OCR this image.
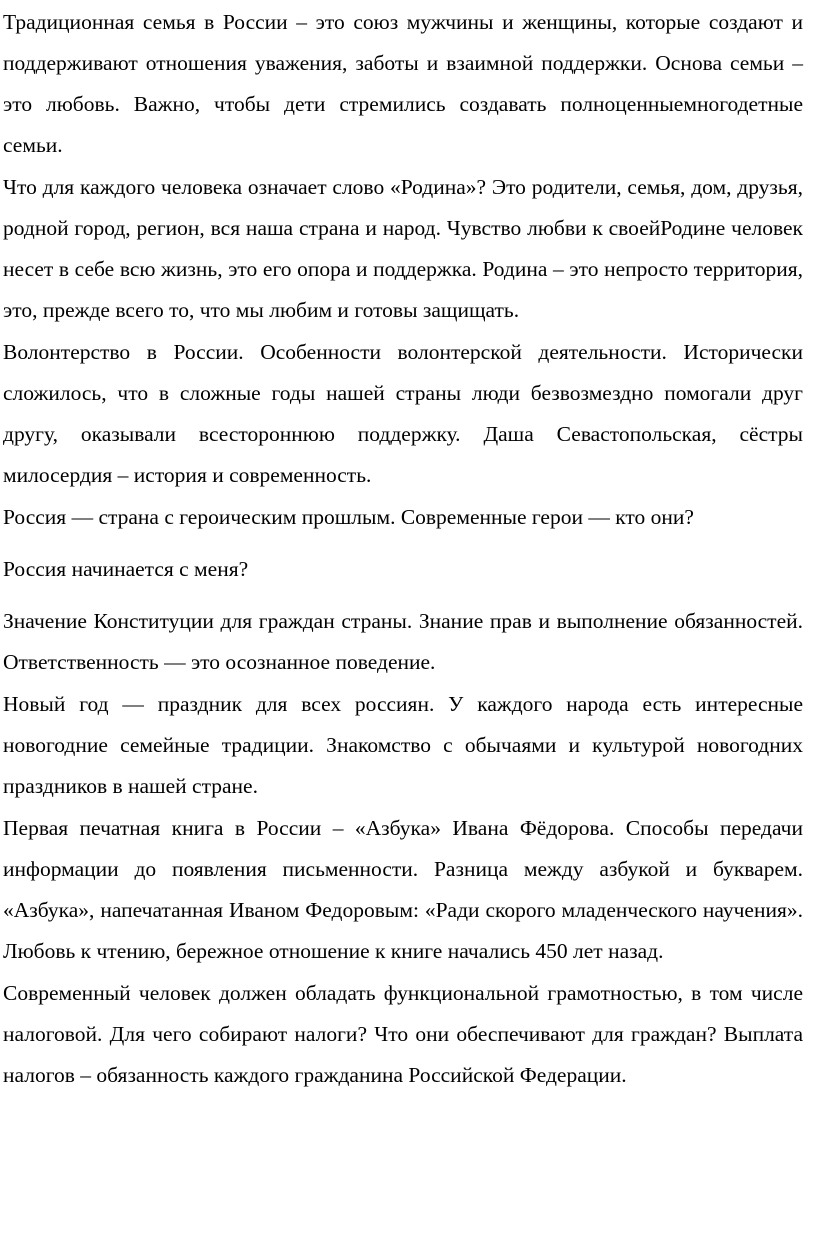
Традиционная семья в России – это союз мужчины и женщины, которые создают и поддерживают отношения уважения, заботы и взаимной поддержки. Основа семьи – это любовь. Важно, чтобы дети стремились создавать полноценныемногодетные семьи.

Что для каждого человека означает слово «Родина»? Это родители, семья, дом, друзья, родной город, регион, вся наша страна и народ. Чувство любви к своейРодине человек несет в себе всю жизнь, это его опора и поддержка. Родина – это непросто территория, это, прежде всего то, что мы любим и готовы защищать.

Волонтерство в России. Особенности волонтерской деятельности. Исторически сложилось, что в сложные годы нашей страны люди безвозмездно помогали друг другу, оказывали всестороннюю поддержку. Даша Севастопольская, сёстры милосердия – история и современность.

Россия — страна с героическим прошлым. Современные герои — кто они?

Россия начинается с меня?

Значение Конституции для граждан страны. Знание прав и выполнение обязанностей. Ответственность — это осознанное поведение.

Новый год — праздник для всех россиян. У каждого народа есть интересные новогодние семейные традиции. Знакомство с обычаями и культурой новогодних праздников в нашей стране.

Первая печатная книга в России – «Азбука» Ивана Фёдорова. Способы передачи информации до появления письменности. Разница между азбукой и букварем. «Азбука», напечатанная Иваном Федоровым: «Ради скорого младенческого научения». Любовь к чтению, бережное отношение к книге начались 450 лет назад.

Современный человек должен обладать функциональной грамотностью, в том числе налоговой. Для чего собирают налоги? Что они обеспечивают для граждан? Выплата налогов – обязанность каждого гражданина Российской Федерации.
